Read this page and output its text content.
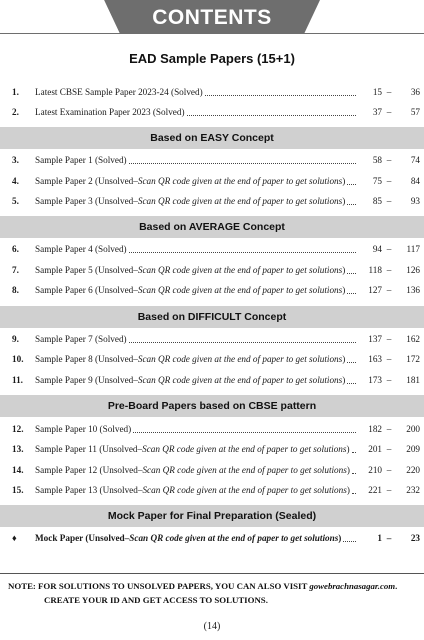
CONTENTS
EAD Sample Papers (15+1)
1.	Latest CBSE Sample Paper 2023-24 (Solved)	15 –	36
2.	Latest Examination Paper 2023 (Solved)	37 –	57
Based on EASY Concept
3.	Sample Paper 1 (Solved)	58 –	74
4.	Sample Paper 2 (Unsolved–Scan QR code given at the end of paper to get solutions)	75 –	84
5.	Sample Paper 3 (Unsolved–Scan QR code given at the end of paper to get solutions)	85 –	93
Based on AVERAGE Concept
6.	Sample Paper 4 (Solved)	94 –	117
7.	Sample Paper 5 (Unsolved–Scan QR code given at the end of paper to get solutions)	118 –	126
8.	Sample Paper 6 (Unsolved–Scan QR code given at the end of paper to get solutions)	127 –	136
Based on DIFFICULT Concept
9.	Sample Paper 7 (Solved)	137 –	162
10.	Sample Paper 8 (Unsolved–Scan QR code given at the end of paper to get solutions)	163 –	172
11.	Sample Paper 9 (Unsolved–Scan QR code given at the end of paper to get solutions)	173 –	181
Pre-Board Papers based on CBSE pattern
12.	Sample Paper 10 (Solved)	182 –	200
13.	Sample Paper 11 (Unsolved–Scan QR code given at the end of paper to get solutions)	201 –	209
14.	Sample Paper 12 (Unsolved–Scan QR code given at the end of paper to get solutions)	210 –	220
15.	Sample Paper 13 (Unsolved–Scan QR code given at the end of paper to get solutions)	221 –	232
Mock Paper for Final Preparation (Sealed)
♦	Mock Paper (Unsolved–Scan QR code given at the end of paper to get solutions)	1 –	23
NOTE: FOR SOLUTIONS TO UNSOLVED PAPERS, YOU CAN ALSO VISIT gowebrachnasagar.com.
CREATE YOUR ID AND GET ACCESS TO SOLUTIONS.
(14)
